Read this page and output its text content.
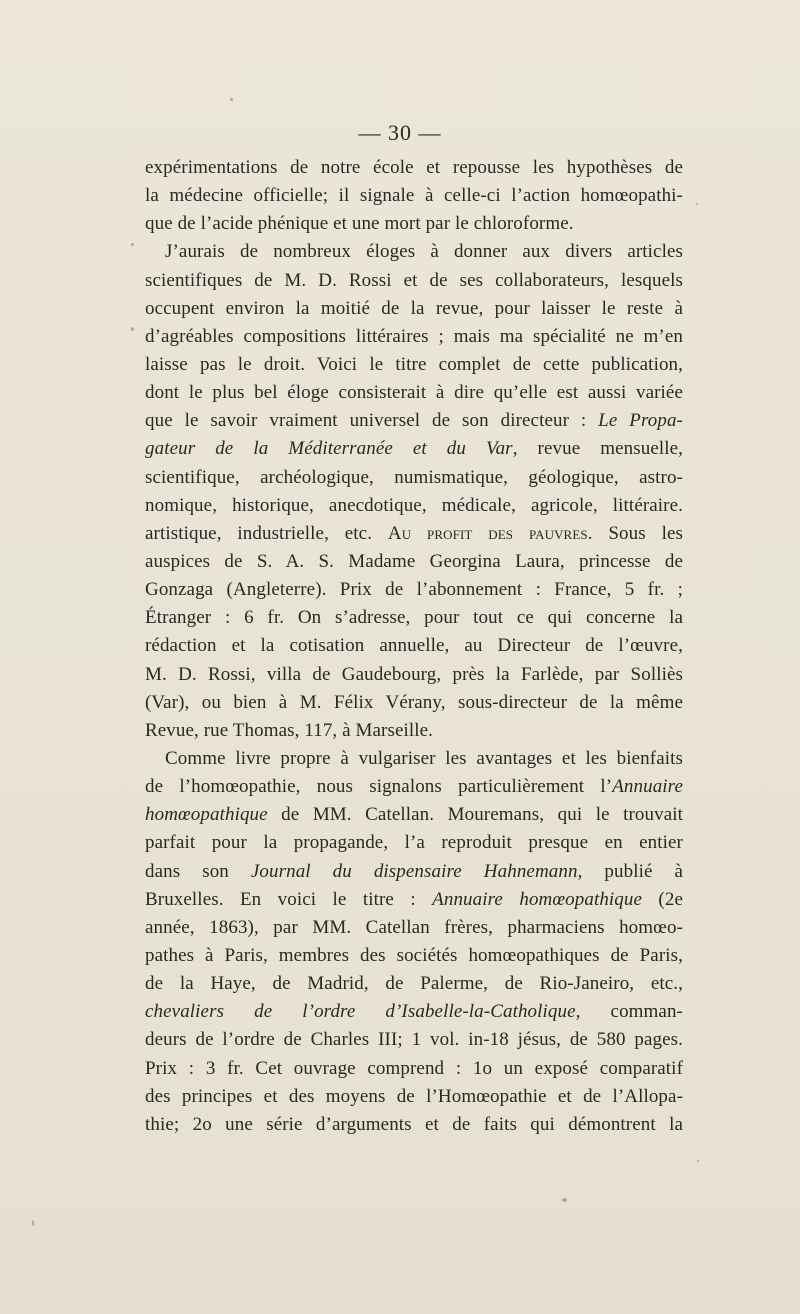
— 30 —
expérimentations de notre école et repousse les hypothèses de
la médecine officielle; il signale à celle-ci l’action homœopathi-
que de l’acide phénique et une mort par le chloroforme.
J’aurais de nombreux éloges à donner aux divers articles
scientifiques de M. D. Rossi et de ses collaborateurs, lesquels
occupent environ la moitié de la revue, pour laisser le reste à
d’agréables compositions littéraires ; mais ma spécialité ne m’en
laisse pas le droit. Voici le titre complet de cette publication,
dont le plus bel éloge consisterait à dire qu’elle est aussi variée
que le savoir vraiment universel de son directeur : Le Propa-
gateur de la Méditerranée et du Var, revue mensuelle,
scientifique, archéologique, numismatique, géologique, astro-
nomique, historique, anecdotique, médicale, agricole, littéraire.
artistique, industrielle, etc. Au profit des pauvres. Sous les
auspices de S. A. S. Madame Georgina Laura, princesse de
Gonzaga (Angleterre). Prix de l’abonnement : France, 5 fr. ;
Étranger : 6 fr. On s’adresse, pour tout ce qui concerne la
rédaction et la cotisation annuelle, au Directeur de l’œuvre,
M. D. Rossi, villa de Gaudebourg, près la Farlède, par Solliès
(Var), ou bien à M. Félix Vérany, sous-directeur de la même
Revue, rue Thomas, 117, à Marseille.
Comme livre propre à vulgariser les avantages et les bienfaits
de l’homœopathie, nous signalons particulièrement l’Annuaire
homœopathique de MM. Catellan. Mouremans, qui le trouvait
parfait pour la propagande, l’a reproduit presque en entier
dans son Journal du dispensaire Hahnemann, publié à
Bruxelles. En voici le titre : Annuaire homœopathique (2e
année, 1863), par MM. Catellan frères, pharmaciens homœo-
pathes à Paris, membres des sociétés homœopathiques de Paris,
de la Haye, de Madrid, de Palerme, de Rio-Janeiro, etc.,
chevaliers de l’ordre d’Isabelle-la-Catholique, comman-
deurs de l’ordre de Charles III; 1 vol. in-18 jésus, de 580 pages.
Prix : 3 fr. Cet ouvrage comprend : 1o un exposé comparatif
des principes et des moyens de l’Homœopathie et de l’Allopa-
thie; 2o une série d’arguments et de faits qui démontrent la
